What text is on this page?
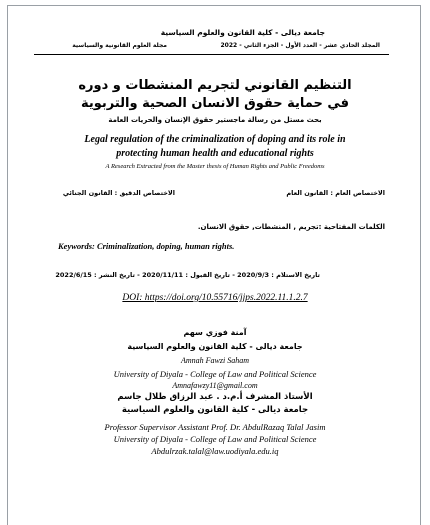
جامعة ديالى - كلية القانون والعلوم السياسية
المجلد الحادي عشر - العدد الأول - الجزء الثاني - 2022
مجلة العلوم القانونية والسياسية
التنظيم القانوني لتجريم المنشطات و دوره
في حماية حقوق الانسان الصحية والتربوية
بحث مستل من رسالة ماجستير حقوق الإنسان والحريات العامة
Legal regulation of the criminalization of doping and its role in
protecting human health and educational rights
A Research Extracted from the Master thesis of Human Rights and Public Freedoms
الاختصاص العام : القانون العام
الاختصاص الدقيق : القانون الجنائي
الكلمات المفتاحية :تجريم , المنشطات, حقوق الانسان.
Keywords: Criminalization, doping, human rights.
تاريخ الاستلام : 2020/9/3 - تاريخ القبول : 2020/11/11 - تاريخ النشر : 2022/6/15
DOI: https://doi.org/10.55716/jjps.2022.11.1.2.7
آمنة فوزي سهم
جامعة ديالى - كلية القانون والعلوم السياسية
Amnah Fawzi Saham
University of Diyala - College of Law and Political Science
Amnafawzy11@gmail.com
الأستاذ المشرف أ.م.د . عبد الرزاق طلال جاسم
جامعة ديالى - كلية القانون والعلوم السياسية
Professor Supervisor Assistant Prof. Dr. AbdulRazaq Talal Jasim
University of Diyala - College of Law and Political Science
Abdulrzak.talal@law.uodiyala.edu.iq
